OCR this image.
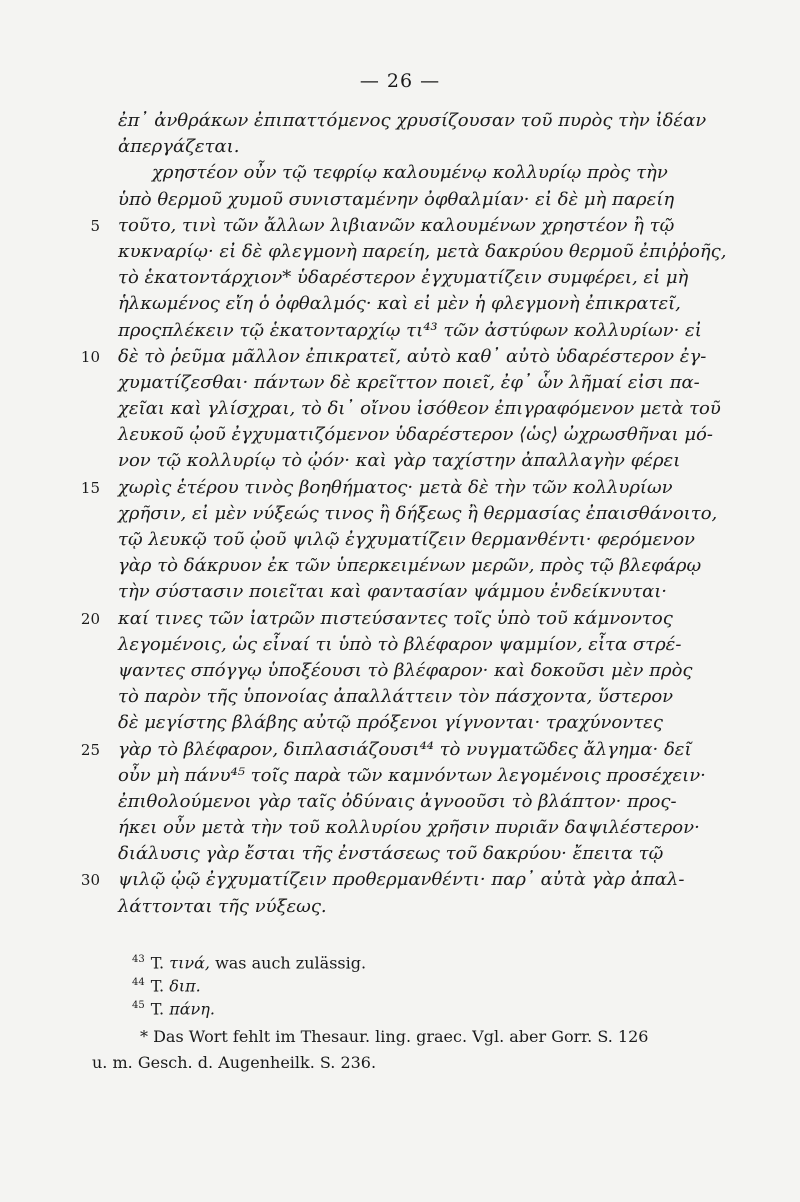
— 26 —
ἐπ᾽ ἀνθράκων ἐπιπαττόμενος χρυσίζουσαν τοῦ πυρὸς τὴν ἰδέαν
ἀπεργάζεται.
χρηστέον οὖν τῷ τεφρίῳ καλουμένῳ κολλυρίῳ πρὸς τὴν
ὑπὸ θερμοῦ χυμοῦ συνισταμένην ὀφθαλμίαν· εἰ δὲ μὴ παρείη
5 τοῦτο, τινὶ τῶν ἄλλων λιβιανῶν καλουμένων χρηστέον ἢ τῷ
κυκναρίῳ· εἰ δὲ φλεγμονὴ παρείη, μετὰ δακρύου θερμοῦ ἐπιῤῥοῆς,
τὸ ἑκατοντάρχιον* ὑδαρέστερον ἐγχυματίζειν συμφέρει, εἰ μὴ
ἡλκωμένος εἴη ὁ ὀφθαλμός· καὶ εἰ μὲν ἡ φλεγμονὴ ἐπικρατεῖ,
προςπλέκειν τῷ ἑκατονταρχίῳ τι⁴³ τῶν ἀστύφων κολλυρίων· εἰ
10 δὲ τὸ ῥεῦμα μᾶλλον ἐπικρατεῖ, αὐτὸ καθ᾽ αὐτὸ ὑδαρέστερον ἐγ-
χυματίζεσθαι· πάντων δὲ κρεῖττον ποιεῖ, ἐφ᾽ ὧν λῆμαί εἰσι πα-
χεῖαι καὶ γλίσχραι, τὸ δι᾽ οἴνου ἰσόθεον ἐπιγραφόμενον μετὰ τοῦ
λευκοῦ ᾠοῦ ἐγχυματιζόμενον ὑδαρέστερον ⟨ὡς⟩ ὠχρωσθῆναι μό-
νον τῷ κολλυρίῳ τὸ ᾠόν· καὶ γὰρ ταχίστην ἀπαλλαγὴν φέρει
15 χωρὶς ἑτέρου τινὸς βοηθήματος· μετὰ δὲ τὴν τῶν κολλυρίων
χρῆσιν, εἰ μὲν νύξεώς τινος ἢ δήξεως ἢ θερμασίας ἐπαισθάνοιτο,
τῷ λευκῷ τοῦ ᾠοῦ ψιλῷ ἐγχυματίζειν θερμανθέντι· φερόμενον
γὰρ τὸ δάκρυον ἐκ τῶν ὑπερκειμένων μερῶν, πρὸς τῷ βλεφάρῳ
τὴν σύστασιν ποιεῖται καὶ φαντασίαν ψάμμου ἐνδείκνυται·
20 καί τινες τῶν ἰατρῶν πιστεύσαντες τοῖς ὑπὸ τοῦ κάμνοντος
λεγομένοις, ὡς εἶναί τι ὑπὸ τὸ βλέφαρον ψαμμίον, εἶτα στρέ-
ψαντες σπόγγῳ ὑποξέουσι τὸ βλέφαρον· καὶ δοκοῦσι μὲν πρὸς
τὸ παρὸν τῆς ὑπονοίας ἀπαλλάττειν τὸν πάσχοντα, ὕστερον
δὲ μεγίστης βλάβης αὐτῷ πρόξενοι γίγνονται· τραχύνοντες
25 γὰρ τὸ βλέφαρον, διπλασιάζουσι⁴⁴ τὸ νυγματῶδες ἄλγημα· δεῖ
οὖν μὴ πάνυ⁴⁵ τοῖς παρὰ τῶν καμνόντων λεγομένοις προσέχειν·
ἐπιθολούμενοι γὰρ ταῖς ὀδύναις ἀγνοοῦσι τὸ βλάπτον· προς-
ήκει οὖν μετὰ τὴν τοῦ κολλυρίου χρῆσιν πυριᾶν δαψιλέστερον·
διάλυσις γὰρ ἔσται τῆς ἐνστάσεως τοῦ δακρύου· ἔπειτα τῷ
30 ψιλῷ ᾠῷ ἐγχυματίζειν προθερμανθέντι· παρ᾽ αὐτὰ γὰρ ἀπαλ-
λάττονται τῆς νύξεως.
$^{43}$ T. τινά, was auch zulässig.
$^{44}$ T. διπ.
$^{45}$ T. πάνη.
* Das Wort fehlt im Thesaur. ling. graec. Vgl. aber Gorr. S. 126
u. m. Gesch. d. Augenheilk. S. 236.
